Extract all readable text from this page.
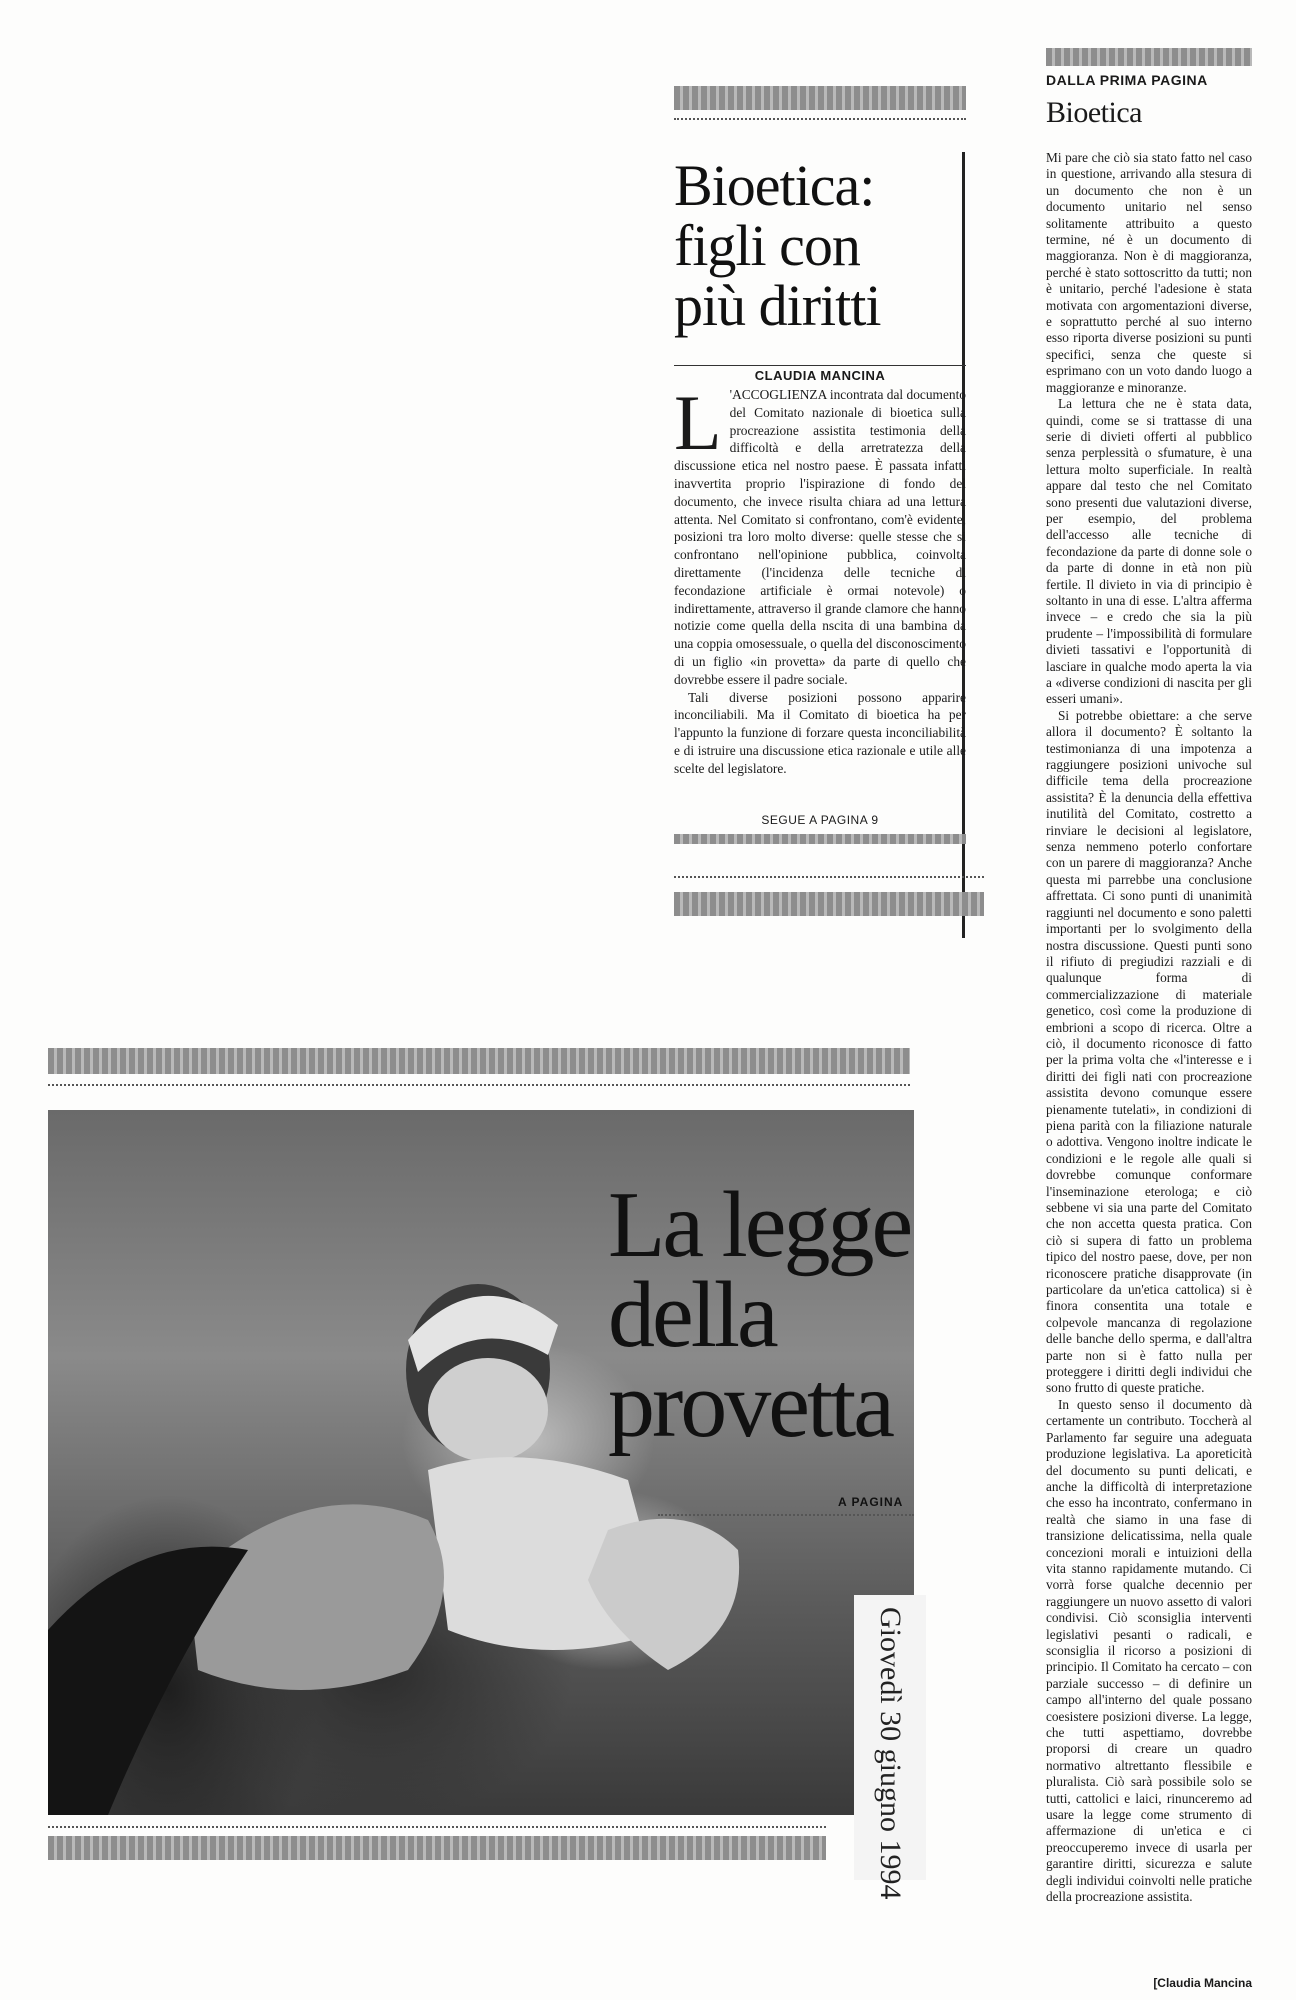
Bioetica: figli con più diritti
CLAUDIA MANCINA
L 'ACCOGLIENZA incontrata dal documento del Comitato nazionale di bioetica sulla procreazione assistita testimonia della difficoltà e della arretratezza della discussione etica nel nostro paese. È passata infatti inavvertita proprio l'ispirazione di fondo del documento, che invece risulta chiara ad una lettura attenta. Nel Comitato si confrontano, com'è evidente, posizioni tra loro molto diverse: quelle stesse che si confrontano nell'opinione pubblica, coinvolta direttamente (l'incidenza delle tecniche di fecondazione artificiale è ormai notevole) o indirettamente, attraverso il grande clamore che hanno notizie come quella della nscita di una bambina da una coppia omosessuale, o quella del disconoscimento di un figlio «in provetta» da parte di quello che dovrebbe essere il padre sociale.

Tali diverse posizioni possono apparire inconciliabili. Ma il Comitato di bioetica ha per l'appunto la funzione di forzare questa inconciliabilità e di istruire una discussione etica razionale e utile alle scelte del legislatore.

SEGUE A PAGINA 9
La legge
della
provetta
A PAGINA
Giovedì 30 giugno 1994
DALLA PRIMA PAGINA
Bioetica

Mi pare che ciò sia stato fatto nel caso in questione, arrivando alla stesura di un documento che non è un documento unitario nel senso solitamente attribuito a questo termine, né è un documento di maggioranza. Non è di maggioranza, perché è stato sottoscritto da tutti; non è unitario, perché l'adesione è stata motivata con argomentazioni diverse, e soprattutto perché al suo interno esso riporta diverse posizioni su punti specifici, senza che queste si esprimano con un voto dando luogo a maggioranze e minoranze.

La lettura che ne è stata data, quindi, come se si trattasse di una serie di divieti offerti al pubblico senza perplessità o sfumature, è una lettura molto superficiale. In realtà appare dal testo che nel Comitato sono presenti due valutazioni diverse, per esempio, del problema dell'accesso alle tecniche di fecondazione da parte di donne sole o da parte di donne in età non più fertile. Il divieto in via di principio è soltanto in una di esse. L'altra afferma invece – e credo che sia la più prudente – l'impossibilità di formulare divieti tassativi e l'opportunità di lasciare in qualche modo aperta la via a «diverse condizioni di nascita per gli esseri umani».

Si potrebbe obiettare: a che serve allora il documento? È soltanto la testimonianza di una impotenza a raggiungere posizioni univoche sul difficile tema della procreazione assistita? È la denuncia della effettiva inutilità del Comitato, costretto a rinviare le decisioni al legislatore, senza nemmeno poterlo confortare con un parere di maggioranza? Anche questa mi parrebbe una conclusione affrettata. Ci sono punti di unanimità raggiunti nel documento e sono paletti importanti per lo svolgimento della nostra discussione. Questi punti sono il rifiuto di pregiudizi razziali e di qualunque forma di commercializzazione di materiale genetico, così come la produzione di embrioni a scopo di ricerca. Oltre a ciò, il documento riconosce di fatto per la prima volta che «l'interesse e i diritti dei figli nati con procreazione assistita devono comunque essere pienamente tutelati», in condizioni di piena parità con la filiazione naturale o adottiva. Vengono inoltre indicate le condizioni e le regole alle quali si dovrebbe comunque conformare l'inseminazione eterologa; e ciò sebbene vi sia una parte del Comitato che non accetta questa pratica. Con ciò si supera di fatto un problema tipico del nostro paese, dove, per non riconoscere pratiche disapprovate (in particolare da un'etica cattolica) si è finora consentita una totale e colpevole mancanza di regolazione delle banche dello sperma, e dall'altra parte non si è fatto nulla per proteggere i diritti degli individui che sono frutto di queste pratiche.

In questo senso il documento dà certamente un contributo. Toccherà al Parlamento far seguire una adeguata produzione legislativa. La aporeticità del documento su punti delicati, e anche la difficoltà di interpretazione che esso ha incontrato, confermano in realtà che siamo in una fase di transizione delicatissima, nella quale concezioni morali e intuizioni della vita stanno rapidamente mutando. Ci vorrà forse qualche decennio per raggiungere un nuovo assetto di valori condivisi. Ciò sconsiglia interventi legislativi pesanti o radicali, e sconsiglia il ricorso a posizioni di principio. Il Comitato ha cercato – con parziale successo – di definire un campo all'interno del quale possano coesistere posizioni diverse. La legge, che tutti aspettiamo, dovrebbe proporsi di creare un quadro normativo altrettanto flessibile e pluralista. Ciò sarà possibile solo se tutti, cattolici e laici, rinunceremo ad usare la legge come strumento di affermazione di un'etica e ci preoccuperemo invece di usarla per garantire diritti, sicurezza e salute degli individui coinvolti nelle pratiche della procreazione assistita.

[Claudia Mancina
